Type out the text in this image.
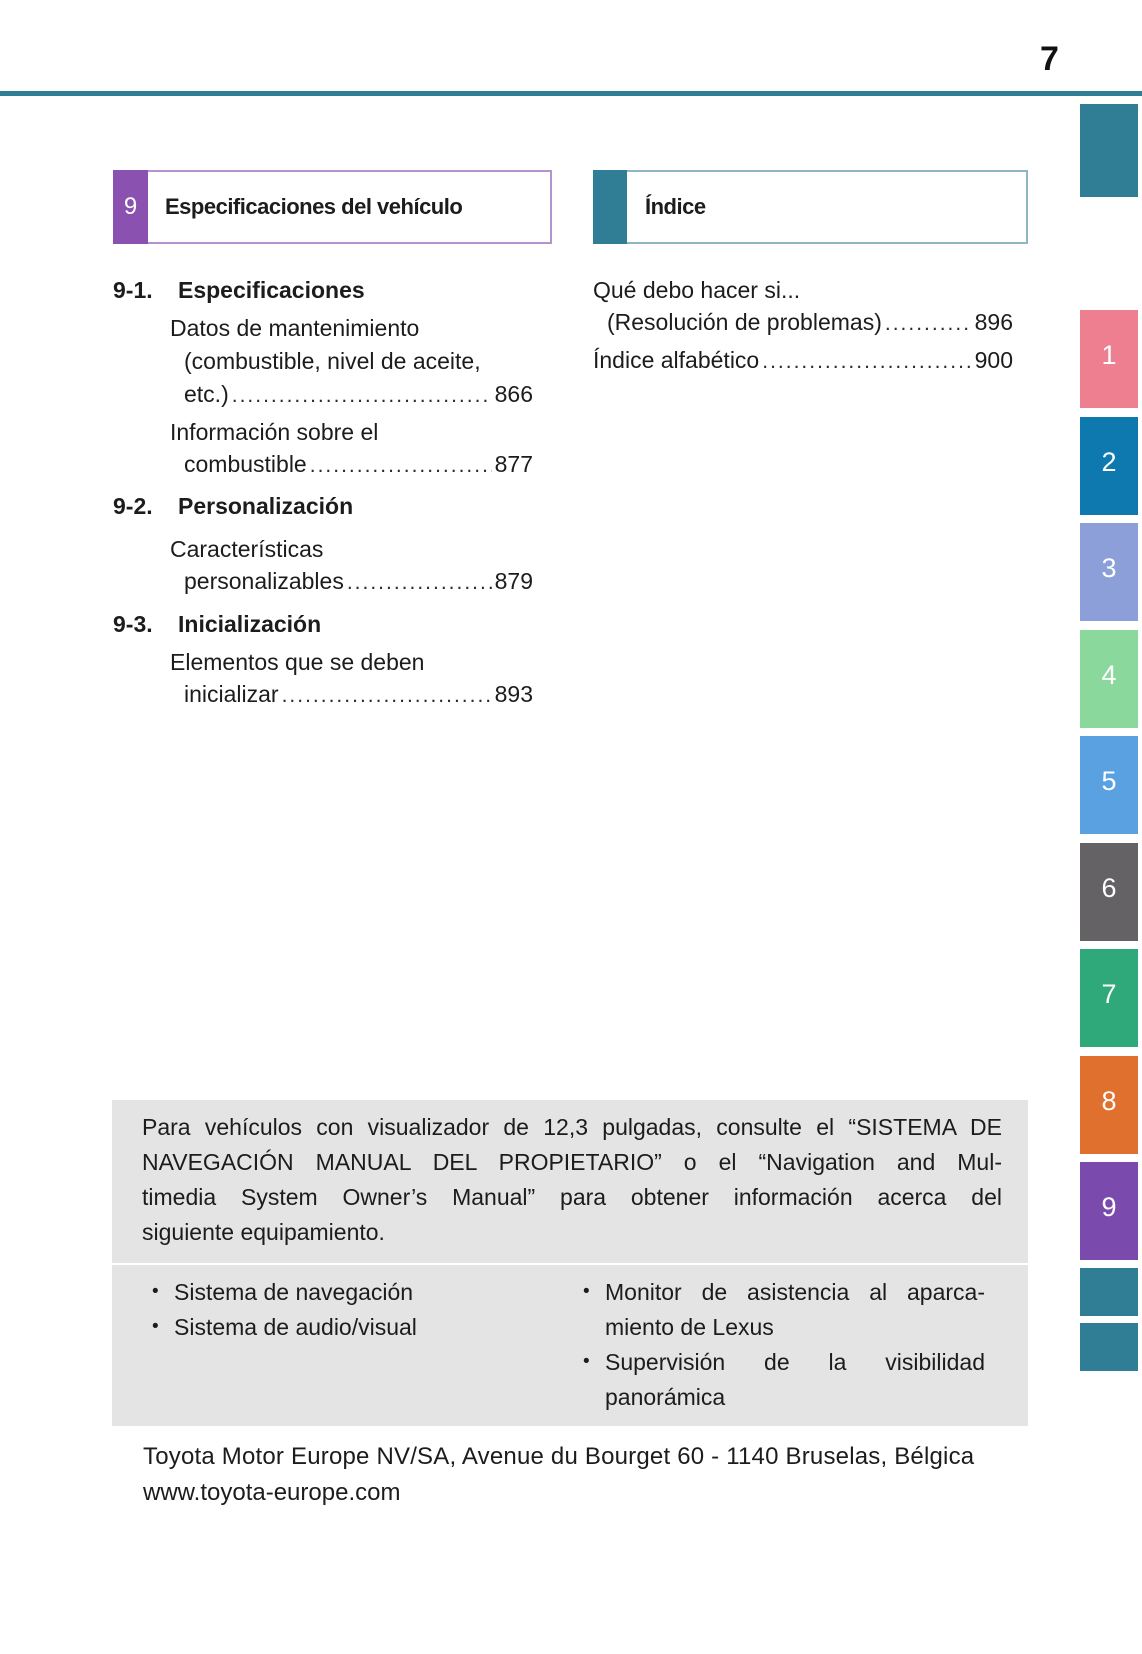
7
9 Especificaciones del vehículo	Índice
9-1. Especificaciones
Datos de mantenimiento
(combustible, nivel de aceite,
etc.) .....	866
Información sobre el
combustible .....	877
9-2. Personalización
Características
personalizables .....	879
9-3. Inicialización
Elementos que se deben
inicializar .....	893
Qué debo hacer si...
(Resolución de problemas) .....	896
Índice alfabético .....	900	1
2
3
4
5
6
7
8
9
Para vehículos con visualizador de 12,3 pulgadas, consulte el “SISTEMA DE
NAVEGACIÓN MANUAL DEL PROPIETARIO” o el “Navigation and Mul-
timedia System Owner’s Manual” para obtener información acerca del
siguiente equipamiento.
• Sistema de navegación
• Sistema de audio/visual
• Monitor de asistencia al aparca-
miento de Lexus
• Supervisión de la visibilidad
panorámica
Toyota Motor Europe NV/SA, Avenue du Bourget 60 - 1140 Bruselas, Bélgica
www.toyota-europe.com
